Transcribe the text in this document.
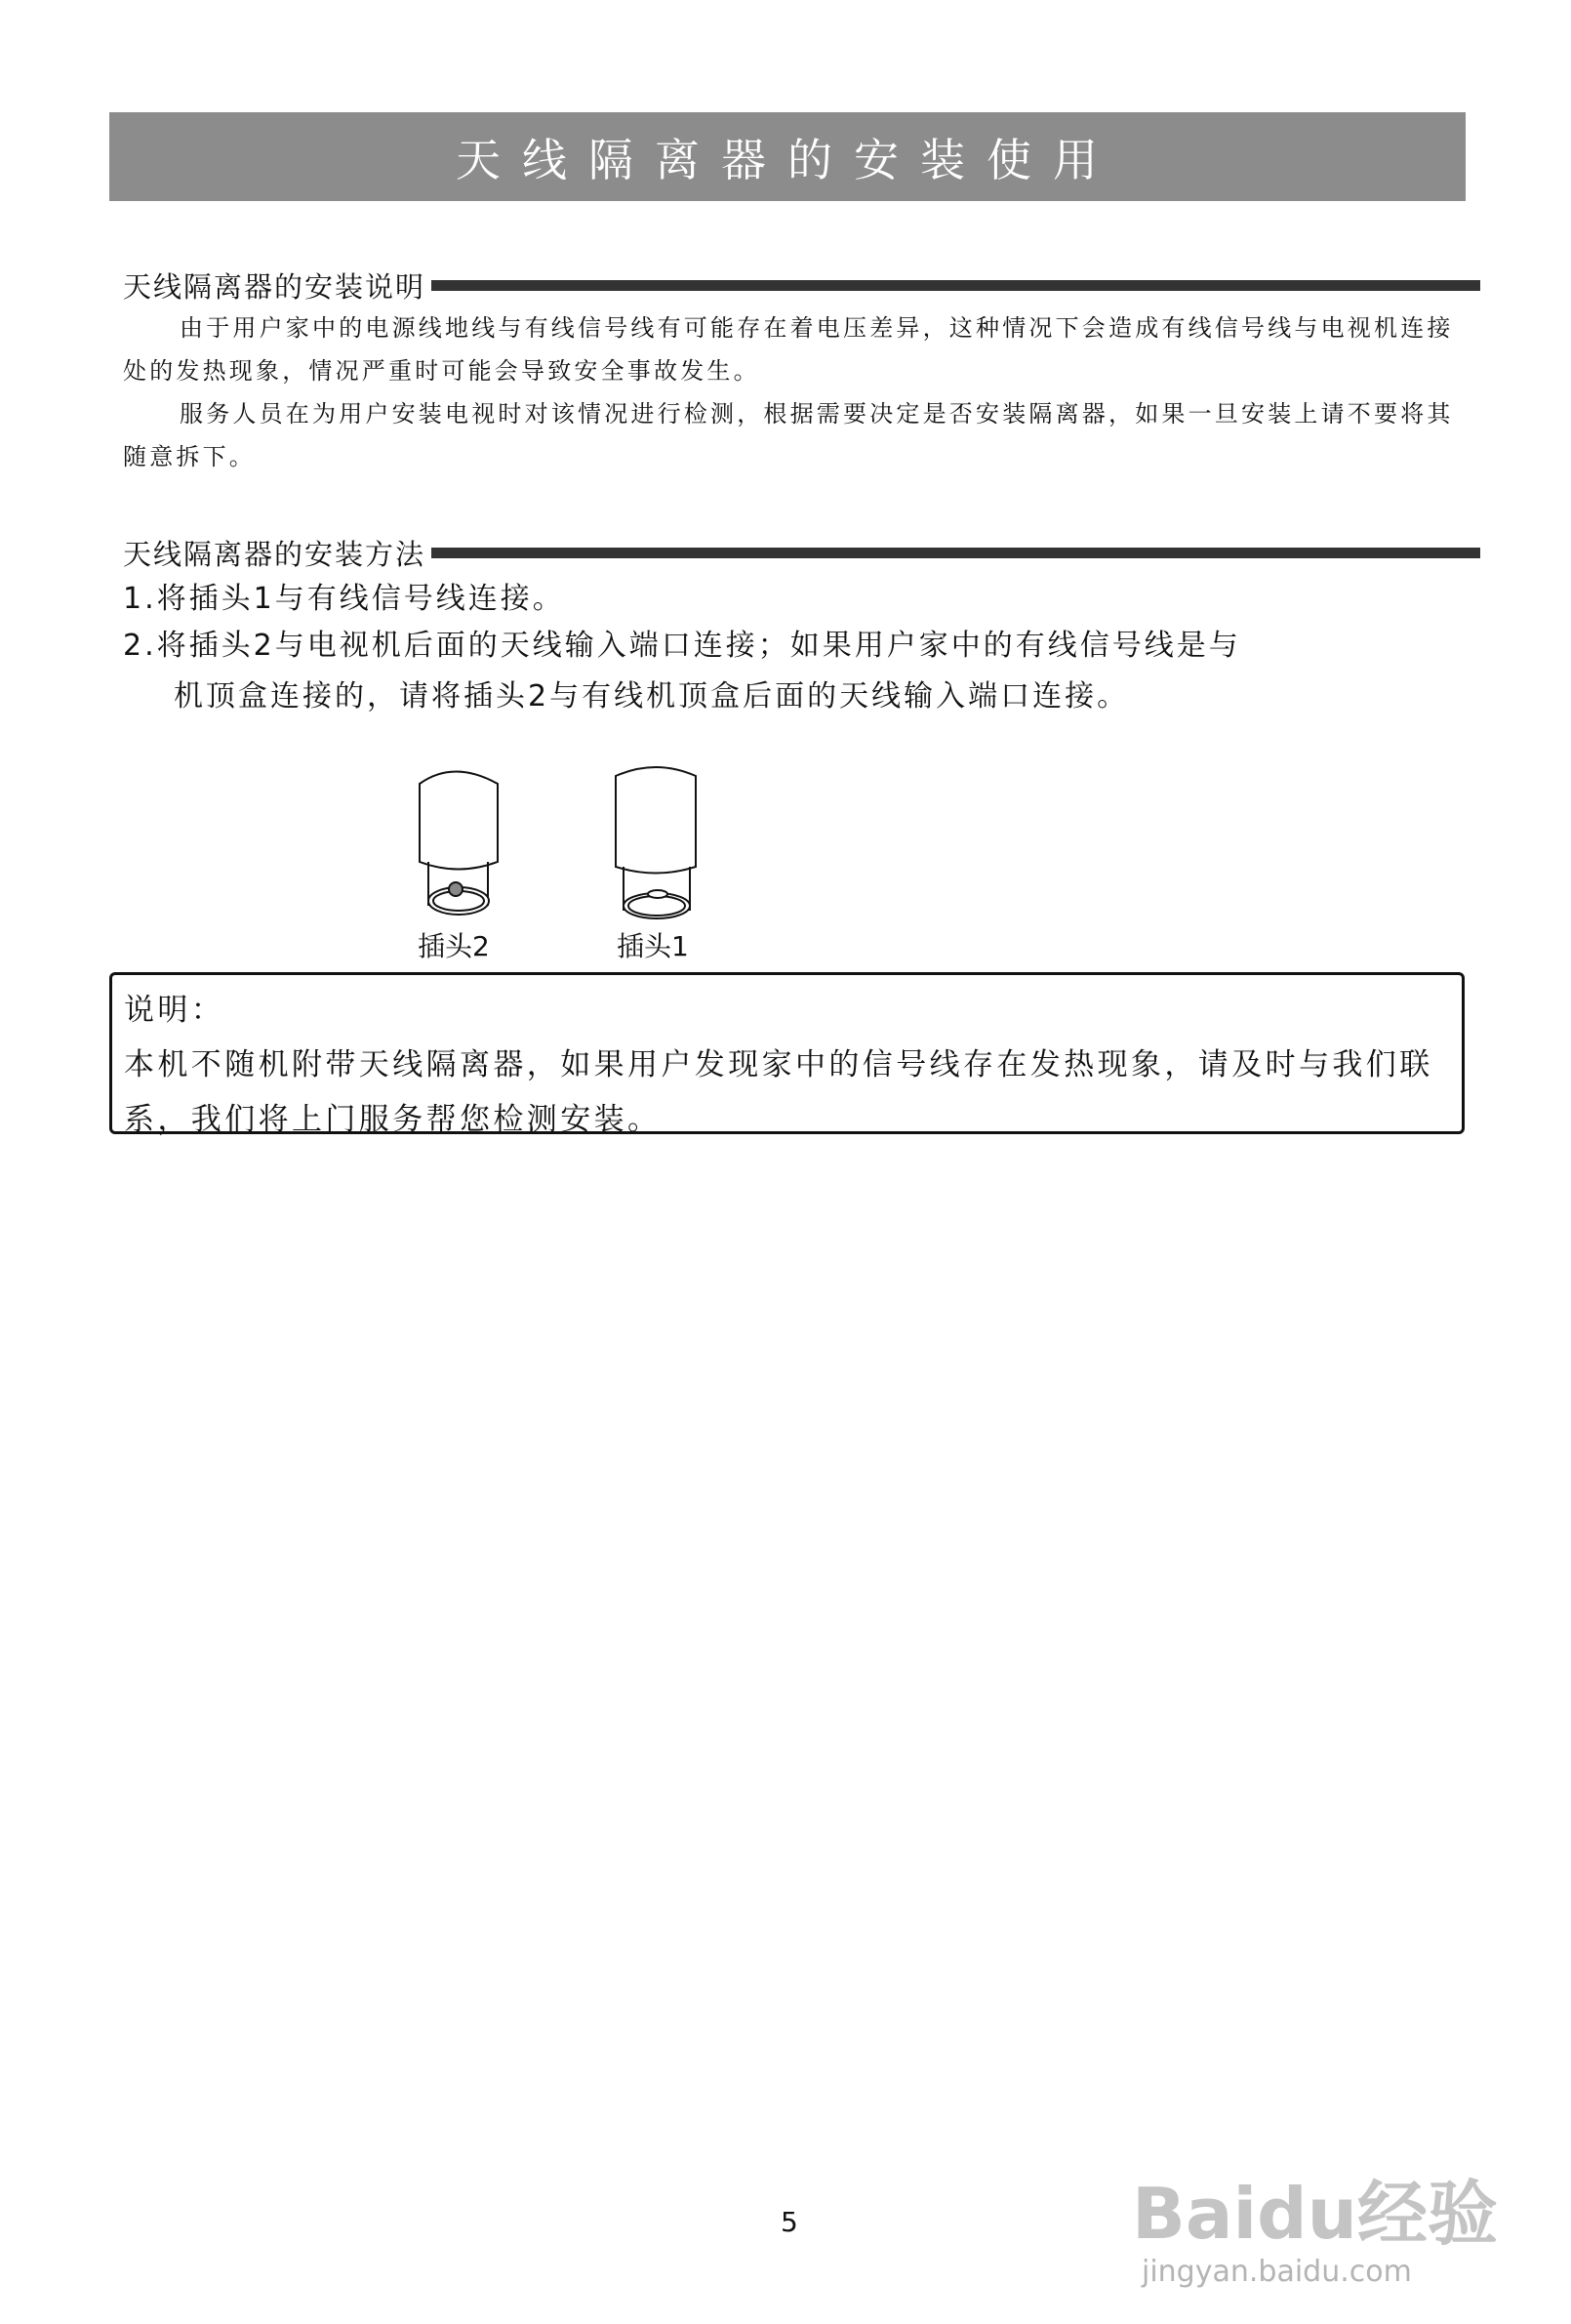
天线隔离器的安装使用
天线隔离器的安装说明

由于用户家中的电源线地线与有线信号线有可能存在着电压差异，这种情况下会造成有线信号线与电视机连接处的发热现象，情况严重时可能会导致安全事故发生。

服务人员在为用户安装电视时对该情况进行检测，根据需要决定是否安装隔离器，如果一旦安装上请不要将其随意拆下。

天线隔离器的安装方法
1.将插头1与有线信号线连接。
2.将插头2与电视机后面的天线输入端口连接；如果用户家中的有线信号线是与
机顶盒连接的，请将插头2与有线机顶盒后面的天线输入端口连接。
插头2	插头1
说明：
本机不随机附带天线隔离器，如果用户发现家中的信号线存在发热现象，请及时与我们联系，我们将上门服务帮您检测安装。
5	Baidu经验
jingyan.baidu.com
